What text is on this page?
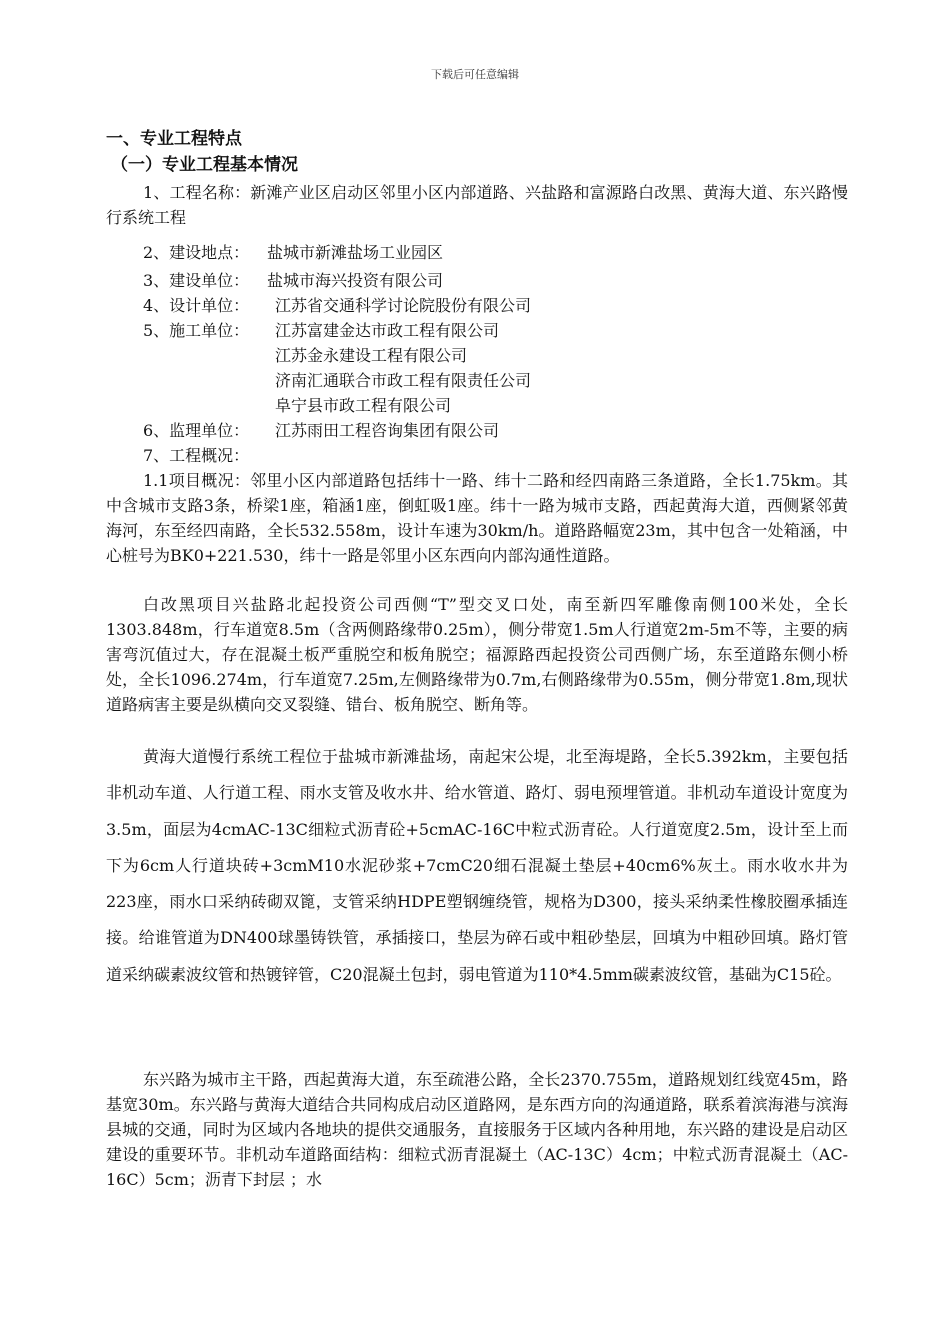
下载后可任意编辑
一、专业工程特点
（一）专业工程基本情况
1、工程名称：新滩产业区启动区邻里小区内部道路、兴盐路和富源路白改黑、黄海大道、东兴路慢行系统工程
2、建设地点： 盐城市新滩盐场工业园区
3、建设单位： 盐城市海兴投资有限公司
4、设计单位： 江苏省交通科学讨论院股份有限公司
5、施工单位： 江苏富建金达市政工程有限公司
江苏金永建设工程有限公司
济南汇通联合市政工程有限责任公司
阜宁县市政工程有限公司
6、监理单位： 江苏雨田工程咨询集团有限公司
7、工程概况：
1.1项目概况：邻里小区内部道路包括纬十一路、纬十二路和经四南路三条道路，全长1.75km。其中含城市支路3条，桥梁1座，箱涵1座，倒虹吸1座。纬十一路为城市支路，西起黄海大道，西侧紧邻黄海河，东至经四南路，全长532.558m，设计车速为30km/h。道路路幅宽23m，其中包含一处箱涵，中心桩号为BK0+221.530，纬十一路是邻里小区东西向内部沟通性道路。
白改黑项目兴盐路北起投资公司西侧“T”型交叉口处，南至新四军雕像南侧100米处，全长1303.848m，行车道宽8.5m（含两侧路缘带0.25m），侧分带宽1.5m人行道宽2m-5m不等，主要的病害弯沉值过大，存在混凝土板严重脱空和板角脱空；福源路西起投资公司西侧广场，东至道路东侧小桥处，全长1096.274m，行车道宽7.25m,左侧路缘带为0.7m,右侧路缘带为0.55m，侧分带宽1.8m,现状道路病害主要是纵横向交叉裂缝、错台、板角脱空、断角等。
黄海大道慢行系统工程位于盐城市新滩盐场，南起宋公堤，北至海堤路，全长5.392km，主要包括非机动车道、人行道工程、雨水支管及收水井、给水管道、路灯、弱电预埋管道。非机动车道设计宽度为3.5m，面层为4cmAC-13C细粒式沥青砼+5cmAC-16C中粒式沥青砼。人行道宽度2.5m，设计至上而下为6cm人行道块砖+3cmM10水泥砂浆+7cmC20细石混凝土垫层+40cm6%灰土。雨水收水井为223座，雨水口采纳砖砌双篦，支管采纳HDPE塑钢缠绕管，规格为D300，接头采纳柔性橡胶圈承插连接。给谁管道为DN400球墨铸铁管，承插接口，垫层为碎石或中粗砂垫层，回填为中粗砂回填。路灯管道采纳碳素波纹管和热镀锌管，C20混凝土包封，弱电管道为110*4.5mm碳素波纹管，基础为C15砼。
东兴路为城市主干路，西起黄海大道，东至疏港公路，全长2370.755m，道路规划红线宽45m，路基宽30m。东兴路与黄海大道结合共同构成启动区道路网，是东西方向的沟通道路，联系着滨海港与滨海县城的交通，同时为区域内各地块的提供交通服务，直接服务于区域内各种用地，东兴路的建设是启动区建设的重要环节。非机动车道路面结构：细粒式沥青混凝土（AC-13C）4cm；中粒式沥青混凝土（AC-16C）5cm；沥青下封层 ；水
